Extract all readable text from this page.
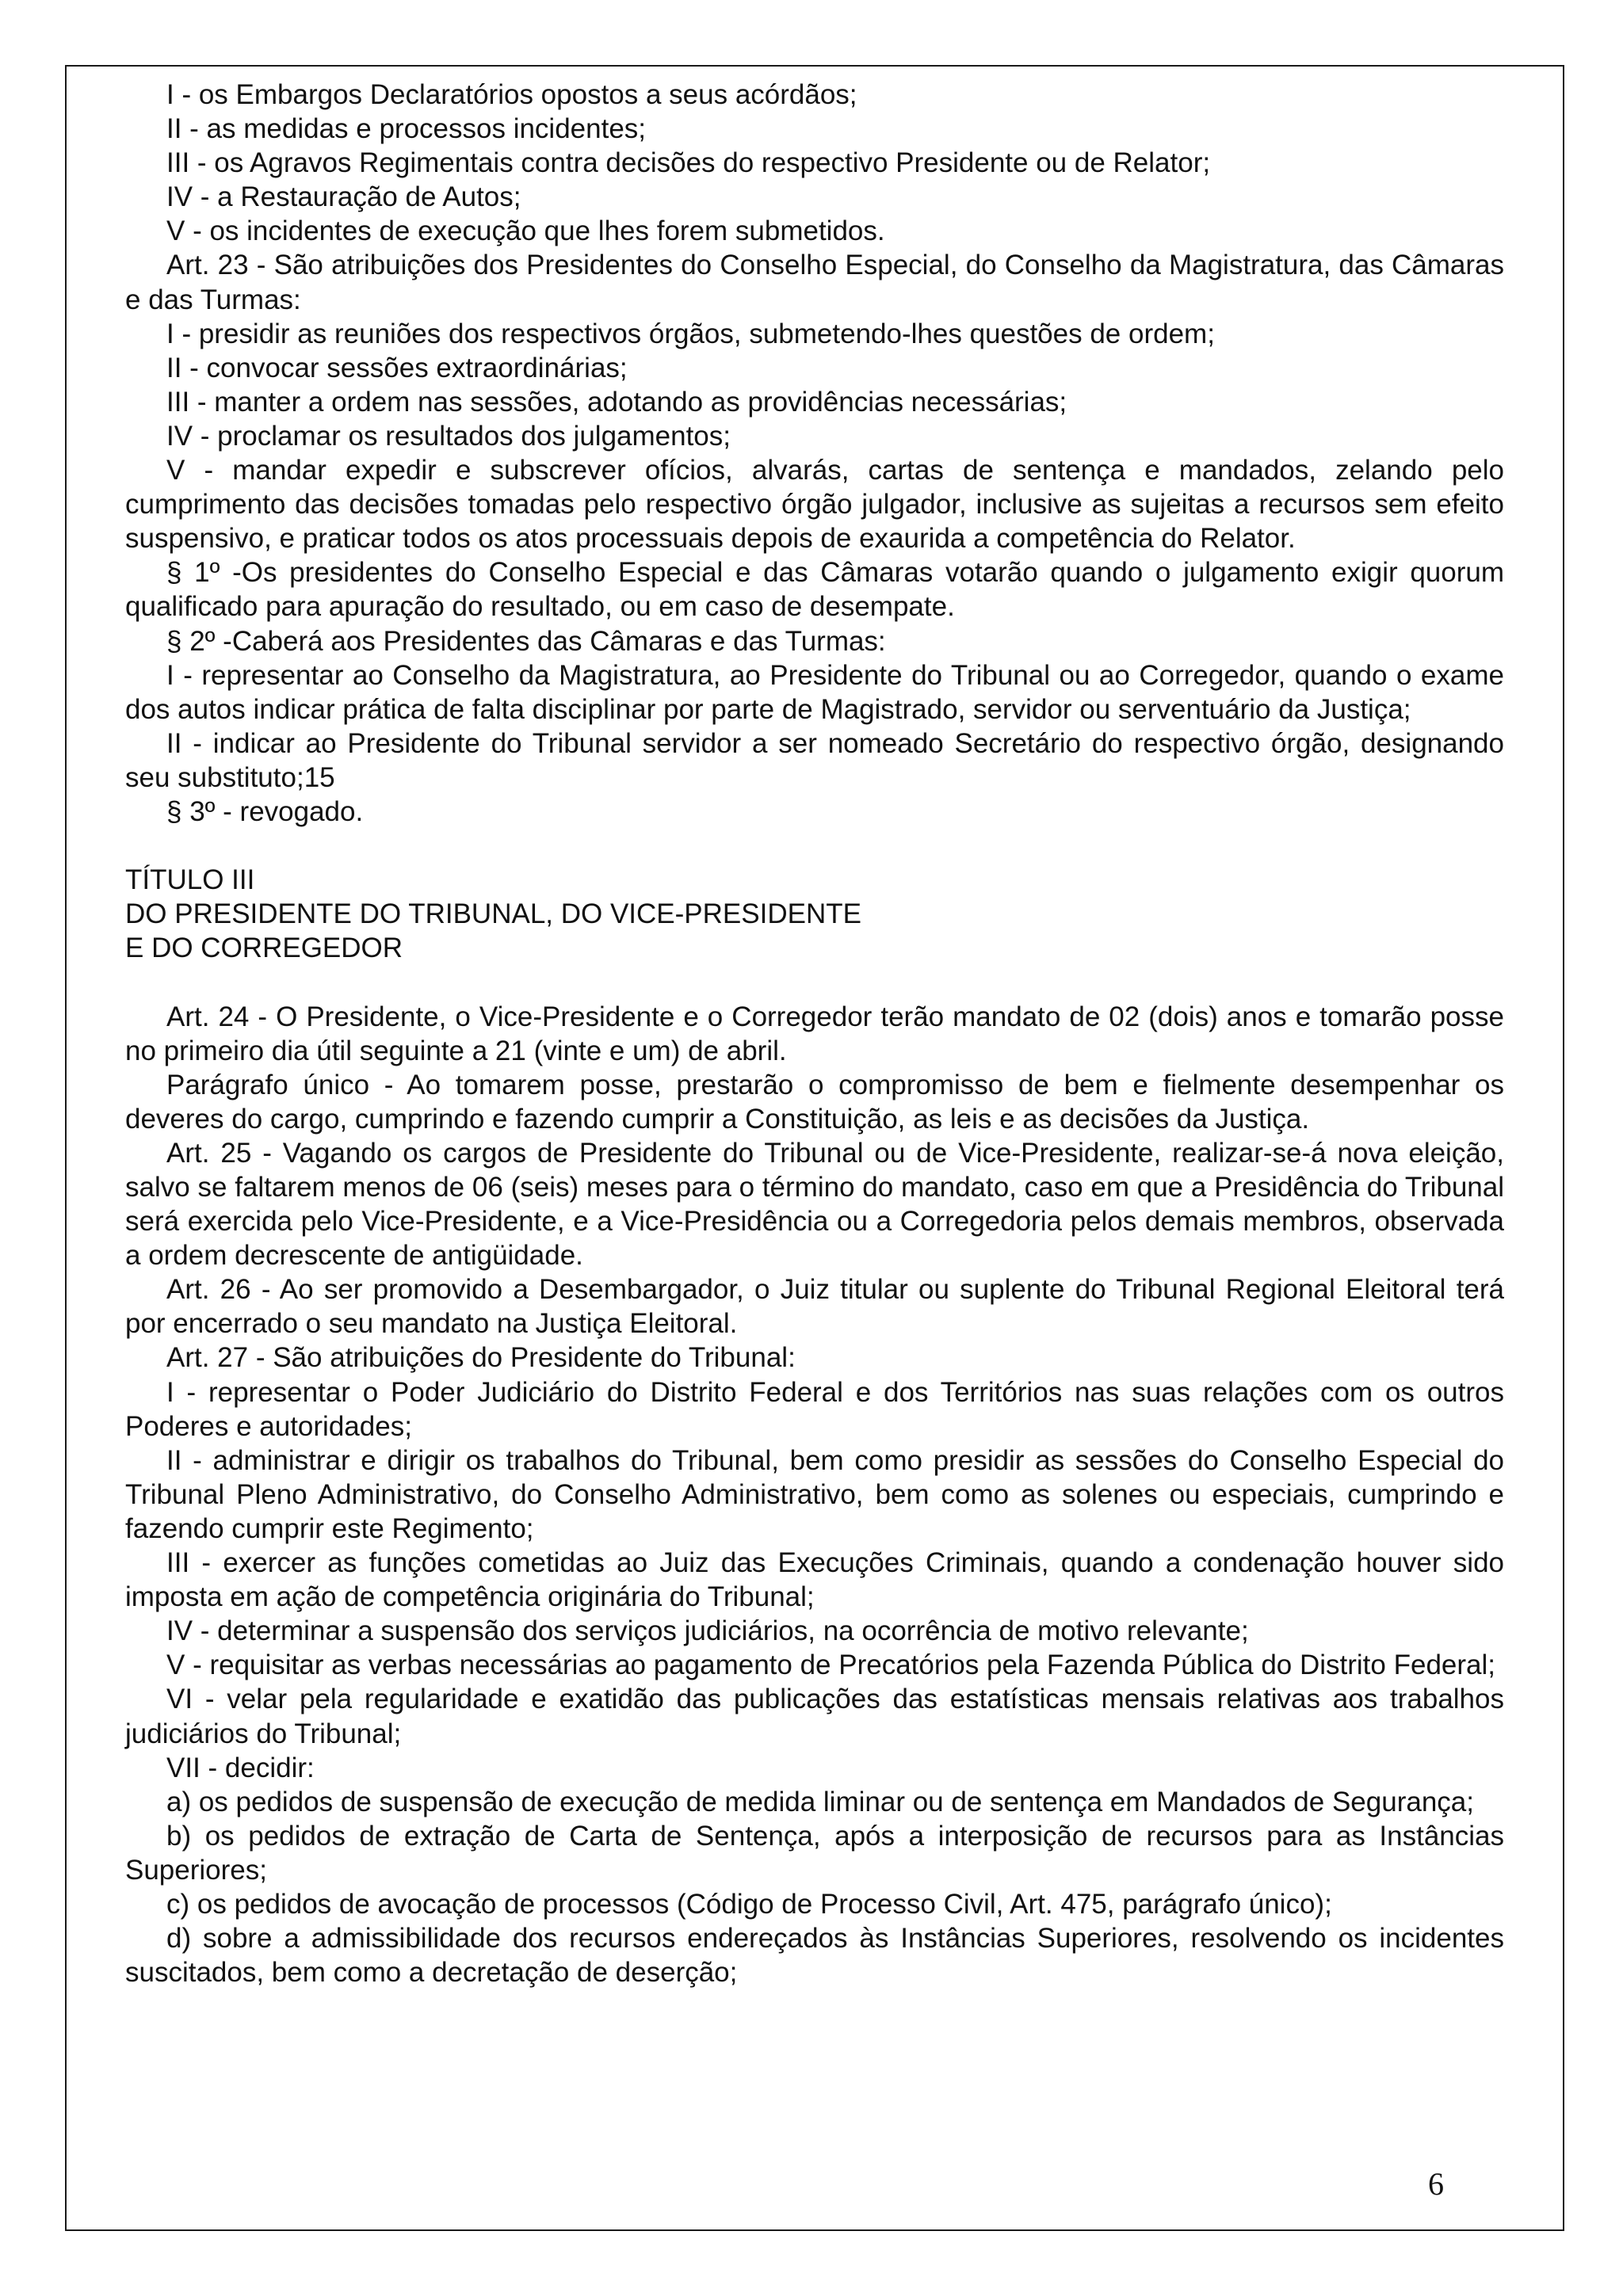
I - os Embargos Declaratórios opostos a seus acórdãos;

II - as medidas e processos incidentes;

III - os Agravos Regimentais contra decisões do respectivo Presidente ou de Relator;

IV - a Restauração de Autos;

V - os incidentes de execução que lhes forem submetidos.

Art. 23 - São atribuições dos Presidentes do Conselho Especial, do Conselho da Magistratura, das Câmaras e das Turmas:

I - presidir as reuniões dos respectivos órgãos, submetendo-lhes questões de ordem;

II - convocar sessões extraordinárias;

III - manter a ordem nas sessões, adotando as providências necessárias;

IV - proclamar os resultados dos julgamentos;

V - mandar expedir e subscrever ofícios, alvarás, cartas de sentença e mandados, zelando pelo cumprimento das decisões tomadas pelo respectivo órgão julgador, inclusive as sujeitas a recursos sem efeito suspensivo, e praticar todos os atos processuais depois de exaurida a competência do Relator.

§ 1º -Os presidentes do Conselho Especial e das Câmaras votarão quando o julgamento exigir quorum qualificado para apuração do resultado, ou em caso de desempate.

§ 2º -Caberá aos Presidentes das Câmaras e das Turmas:

I - representar ao Conselho da Magistratura, ao Presidente do Tribunal ou ao Corregedor, quando o exame dos autos indicar prática de falta disciplinar por parte de Magistrado, servidor ou serventuário da Justiça;

II - indicar ao Presidente do Tribunal servidor a ser nomeado Secretário do respectivo órgão, designando seu substituto;15

§ 3º - revogado.

TÍTULO III

DO PRESIDENTE DO TRIBUNAL, DO VICE-PRESIDENTE

E DO CORREGEDOR

Art. 24 - O Presidente, o Vice-Presidente e o Corregedor terão mandato de 02 (dois) anos e tomarão posse no primeiro dia útil seguinte a 21 (vinte e um) de abril.

Parágrafo único - Ao tomarem posse, prestarão o compromisso de bem e fielmente desempenhar os deveres do cargo, cumprindo e fazendo cumprir a Constituição, as leis e as decisões da Justiça.

Art. 25 - Vagando os cargos de Presidente do Tribunal ou de Vice-Presidente, realizar-se-á nova eleição, salvo se faltarem menos de 06 (seis) meses para o término do mandato, caso em que a Presidência do Tribunal será exercida pelo Vice-Presidente, e a Vice-Presidência ou a Corregedoria pelos demais membros, observada a ordem decrescente de antigüidade.

Art. 26 - Ao ser promovido a Desembargador, o Juiz titular ou suplente do Tribunal Regional Eleitoral terá por encerrado o seu mandato na Justiça Eleitoral.

Art. 27 - São atribuições do Presidente do Tribunal:

I - representar o Poder Judiciário do Distrito Federal e dos Territórios nas suas relações com os outros Poderes e autoridades;

II - administrar e dirigir os trabalhos do Tribunal, bem como presidir as sessões do Conselho Especial do Tribunal Pleno Administrativo, do Conselho Administrativo, bem como as solenes ou especiais, cumprindo e fazendo cumprir este Regimento;

III - exercer as funções cometidas ao Juiz das Execuções Criminais, quando a condenação houver sido imposta em ação de competência originária do Tribunal;

IV - determinar a suspensão dos serviços judiciários, na ocorrência de motivo relevante;

V - requisitar as verbas necessárias ao pagamento de Precatórios pela Fazenda Pública do Distrito Federal;

VI - velar pela regularidade e exatidão das publicações das estatísticas mensais relativas aos trabalhos judiciários do Tribunal;

VII - decidir:

a) os pedidos de suspensão de execução de medida liminar ou de sentença em Mandados de Segurança;

b) os pedidos de extração de Carta de Sentença, após a interposição de recursos para as Instâncias Superiores;

c) os pedidos de avocação de processos (Código de Processo Civil, Art. 475, parágrafo único);

d) sobre a admissibilidade dos recursos endereçados às Instâncias Superiores, resolvendo os incidentes suscitados, bem como a decretação de deserção;

6
